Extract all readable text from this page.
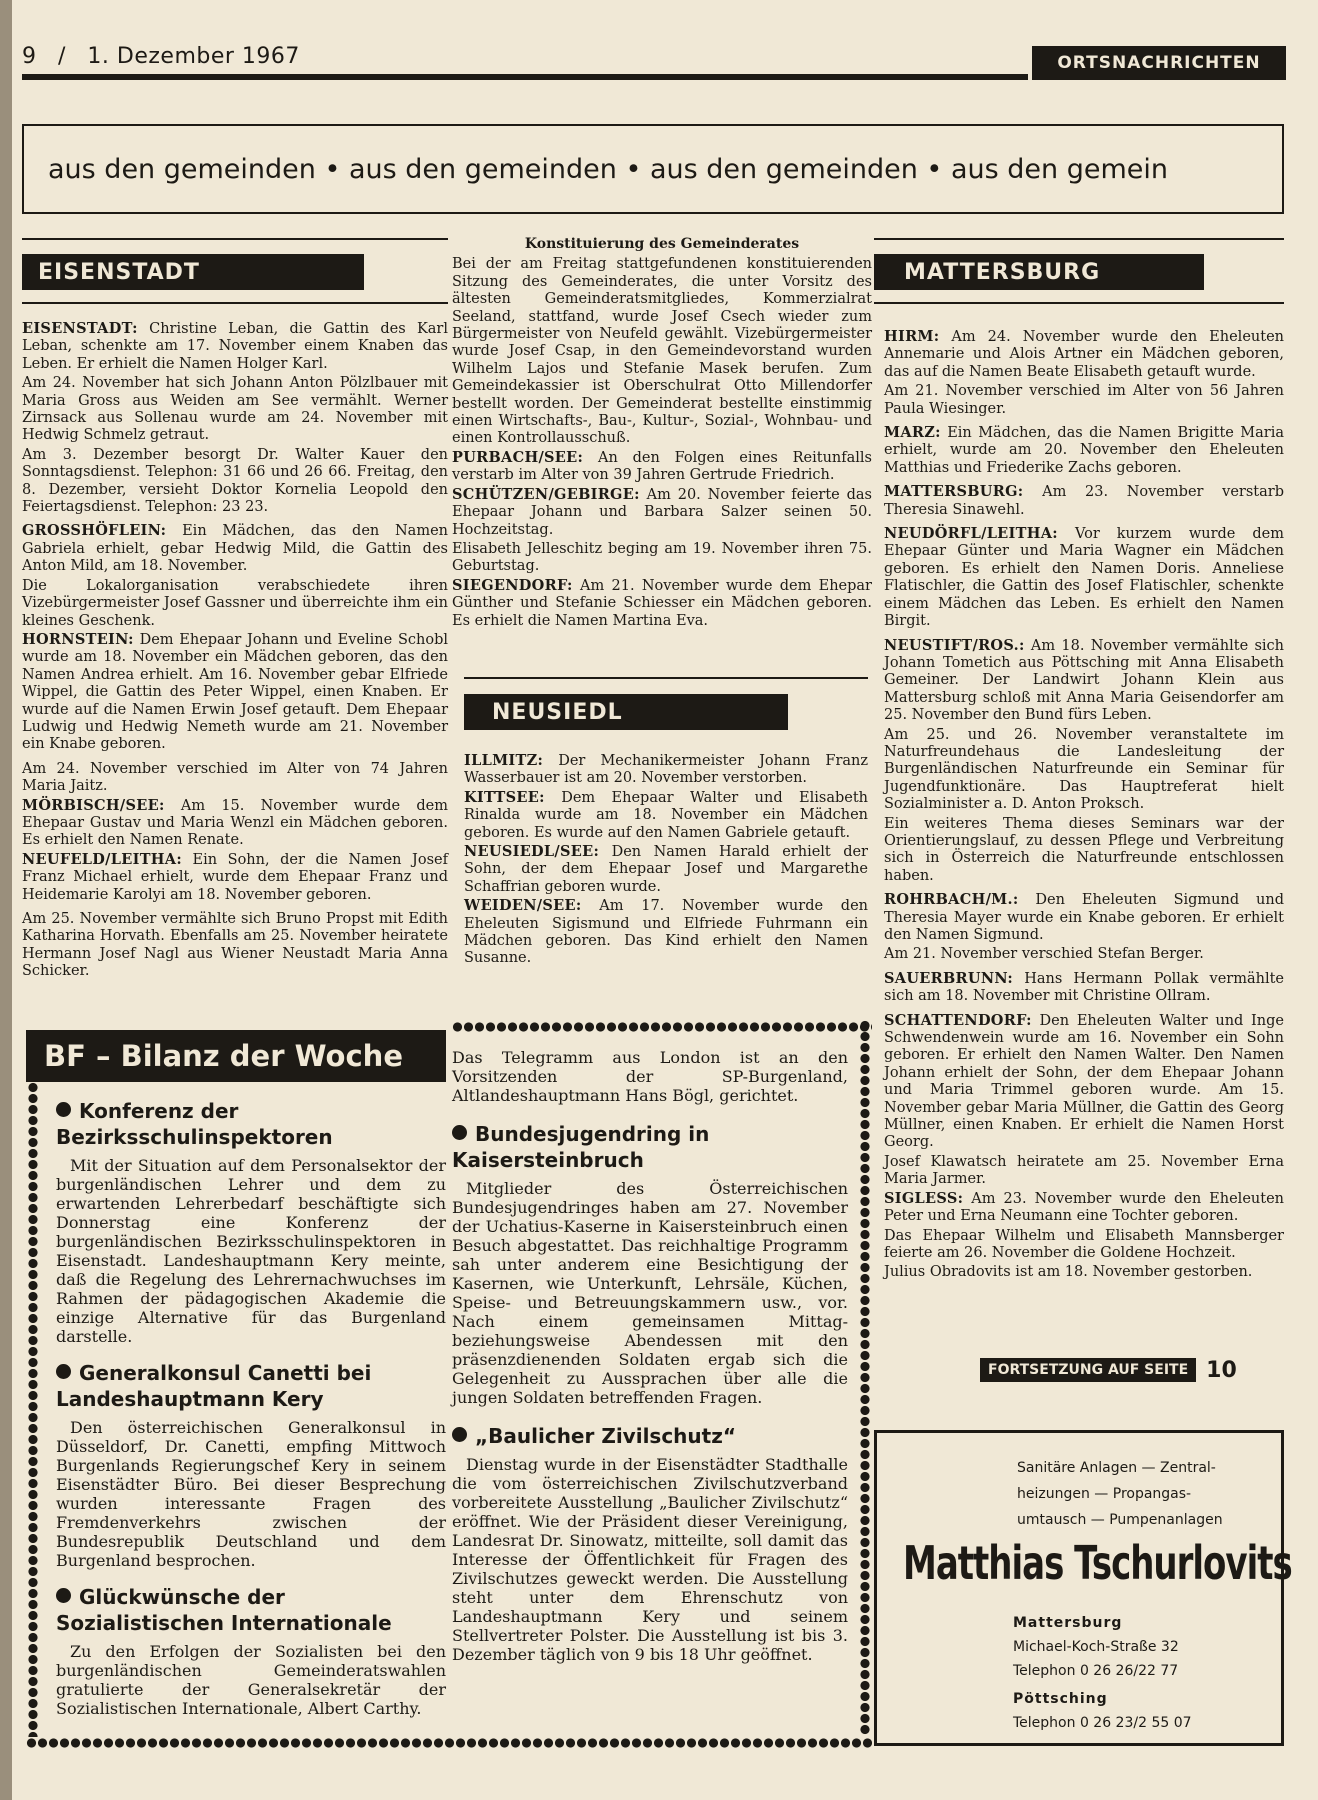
9 / 1. Dezember 1967	ORTSNACHRICHTEN
aus den gemeinden • aus den gemeinden • aus den gemeinden • aus den gemein
EISENSTADT

EISENSTADT: Christine Leban, die Gattin des Karl Leban, schenkte am 17. November einem Knaben das Leben. Er erhielt die Namen Holger Karl.

Am 24. November hat sich Johann Anton Pölzlbauer mit Maria Gross aus Weiden am See vermählt. Werner Zirnsack aus Sollenau wurde am 24. November mit Hedwig Schmelz getraut.

Am 3. Dezember besorgt Dr. Walter Kauer den Sonntagsdienst. Telephon: 31 66 und 26 66. Freitag, den 8. Dezember, versieht Doktor Kornelia Leopold den Feiertagsdienst. Telephon: 23 23.

GROSSHÖFLEIN: Ein Mädchen, das den Namen Gabriela erhielt, gebar Hedwig Mild, die Gattin des Anton Mild, am 18. November.

Die Lokalorganisation verabschiedete ihren Vizebürgermeister Josef Gassner und überreichte ihm ein kleines Geschenk.

HORNSTEIN: Dem Ehepaar Johann und Eveline Schobl wurde am 18. November ein Mädchen geboren, das den Namen Andrea erhielt. Am 16. November gebar Elfriede Wippel, die Gattin des Peter Wippel, einen Knaben. Er wurde auf die Namen Erwin Josef getauft. Dem Ehepaar Ludwig und Hedwig Nemeth wurde am 21. November ein Knabe geboren.

Am 24. November verschied im Alter von 74 Jahren Maria Jaitz.

MÖRBISCH/SEE: Am 15. November wurde dem Ehepaar Gustav und Maria Wenzl ein Mädchen geboren. Es erhielt den Namen Renate.

NEUFELD/LEITHA: Ein Sohn, der die Namen Josef Franz Michael erhielt, wurde dem Ehepaar Franz und Heidemarie Karolyi am 18. November geboren.

Am 25. November vermählte sich Bruno Propst mit Edith Katharina Horvath. Ebenfalls am 25. November heiratete Hermann Josef Nagl aus Wiener Neustadt Maria Anna Schicker.

Konstituierung des Gemeinderates

Bei der am Freitag stattgefundenen konstituierenden Sitzung des Gemeinderates, die unter Vorsitz des ältesten Gemeinderatsmitgliedes, Kommerzialrat Seeland, stattfand, wurde Josef Csech wieder zum Bürgermeister von Neufeld gewählt. Vizebürgermeister wurde Josef Csap, in den Gemeindevorstand wurden Wilhelm Lajos und Stefanie Masek berufen. Zum Gemeindekassier ist Oberschulrat Otto Millendorfer bestellt worden. Der Gemeinderat bestellte einstimmig einen Wirtschafts-, Bau-, Kultur-, Sozial-, Wohnbau- und einen Kontrollausschuß.

PURBACH/SEE: An den Folgen eines Reitunfalls verstarb im Alter von 39 Jahren Gertrude Friedrich.

SCHÜTZEN/GEBIRGE: Am 20. November feierte das Ehepaar Johann und Barbara Salzer seinen 50. Hochzeitstag.

Elisabeth Jelleschitz beging am 19. November ihren 75. Geburtstag.

SIEGENDORF: Am 21. November wurde dem Ehepar Günther und Stefanie Schiesser ein Mädchen geboren. Es erhielt die Namen Martina Eva.

NEUSIEDL

ILLMITZ: Der Mechanikermeister Johann Franz Wasserbauer ist am 20. November verstorben.

KITTSEE: Dem Ehepaar Walter und Elisabeth Rinalda wurde am 18. November ein Mädchen geboren. Es wurde auf den Namen Gabriele getauft.

NEUSIEDL/SEE: Den Namen Harald erhielt der Sohn, der dem Ehepaar Josef und Margarethe Schaffrian geboren wurde.

WEIDEN/SEE: Am 17. November wurde den Eheleuten Sigismund und Elfriede Fuhrmann ein Mädchen geboren. Das Kind erhielt den Namen Susanne.

MATTERSBURG

HIRM: Am 24. November wurde den Eheleuten Annemarie und Alois Artner ein Mädchen geboren, das auf die Namen Beate Elisabeth getauft wurde.

Am 21. November verschied im Alter von 56 Jahren Paula Wiesinger.

MARZ: Ein Mädchen, das die Namen Brigitte Maria erhielt, wurde am 20. November den Eheleuten Matthias und Friederike Zachs geboren.

MATTERSBURG: Am 23. November verstarb Theresia Sinawehl.

NEUDÖRFL/LEITHA: Vor kurzem wurde dem Ehepaar Günter und Maria Wagner ein Mädchen geboren. Es erhielt den Namen Doris. Anneliese Flatischler, die Gattin des Josef Flatischler, schenkte einem Mädchen das Leben. Es erhielt den Namen Birgit.

NEUSTIFT/ROS.: Am 18. November vermählte sich Johann Tometich aus Pöttsching mit Anna Elisabeth Gemeiner. Der Landwirt Johann Klein aus Mattersburg schloß mit Anna Maria Geisendorfer am 25. November den Bund fürs Leben.

Am 25. und 26. November veranstaltete im Naturfreundehaus die Landesleitung der Burgenländischen Naturfreunde ein Seminar für Jugendfunktionäre. Das Hauptreferat hielt Sozialminister a. D. Anton Proksch.

Ein weiteres Thema dieses Seminars war der Orientierungslauf, zu dessen Pflege und Verbreitung sich in Österreich die Naturfreunde entschlossen haben.

ROHRBACH/M.: Den Eheleuten Sigmund und Theresia Mayer wurde ein Knabe geboren. Er erhielt den Namen Sigmund.

Am 21. November verschied Stefan Berger.

SAUERBRUNN: Hans Hermann Pollak vermählte sich am 18. November mit Christine Ollram.

SCHATTENDORF: Den Eheleuten Walter und Inge Schwendenwein wurde am 16. November ein Sohn geboren. Er erhielt den Namen Walter. Den Namen Johann erhielt der Sohn, der dem Ehepaar Johann und Maria Trimmel geboren wurde. Am 15. November gebar Maria Müllner, die Gattin des Georg Müllner, einen Knaben. Er erhielt die Namen Horst Georg.

Josef Klawatsch heiratete am 25. November Erna Maria Jarmer.

SIGLESS: Am 23. November wurde den Eheleuten Peter und Erna Neumann eine Tochter geboren.

Das Ehepaar Wilhelm und Elisabeth Mannsberger feierte am 26. November die Goldene Hochzeit.

Julius Obradovits ist am 18. November gestorben.

FORTSETZUNG AUF SEITE 10
BF – Bilanz der Woche
Konferenz der Bezirksschulinspektoren

Mit der Situation auf dem Personalsektor der burgenländischen Lehrer und dem zu erwartenden Lehrerbedarf beschäftigte sich Donnerstag eine Konferenz der burgenländischen Bezirksschulinspektoren in Eisenstadt. Landeshauptmann Kery meinte, daß die Regelung des Lehrernachwuchses im Rahmen der pädagogischen Akademie die einzige Alternative für das Burgenland darstelle.

Generalkonsul Canetti bei Landeshauptmann Kery

Den österreichischen Generalkonsul in Düsseldorf, Dr. Canetti, empfing Mittwoch Burgenlands Regierungschef Kery in seinem Eisenstädter Büro. Bei dieser Besprechung wurden interessante Fragen des Fremdenverkehrs zwischen der Bundesrepublik Deutschland und dem Burgenland besprochen.

Glückwünsche der Sozialistischen Internationale

Zu den Erfolgen der Sozialisten bei den burgenländischen Gemeinderatswahlen gratulierte der Generalsekretär der Sozialistischen Internationale, Albert Carthy.

Das Telegramm aus London ist an den Vorsitzenden der SP-Burgenland, Altlandeshauptmann Hans Bögl, gerichtet.

Bundesjugendring in Kaisersteinbruch

Mitglieder des Österreichischen Bundesjugendringes haben am 27. November der Uchatius-Kaserne in Kaisersteinbruch einen Besuch abgestattet. Das reichhaltige Programm sah unter anderem eine Besichtigung der Kasernen, wie Unterkunft, Lehrsäle, Küchen, Speise- und Betreuungskammern usw., vor. Nach einem gemeinsamen Mittag- beziehungsweise Abendessen mit den präsenzdienenden Soldaten ergab sich die Gelegenheit zu Aussprachen über alle die jungen Soldaten betreffenden Fragen.

„Baulicher Zivilschutz“

Dienstag wurde in der Eisenstädter Stadthalle die vom österreichischen Zivilschutzverband vorbereitete Ausstellung „Baulicher Zivilschutz“ eröffnet. Wie der Präsident dieser Vereinigung, Landesrat Dr. Sinowatz, mitteilte, soll damit das Interesse der Öffentlichkeit für Fragen des Zivilschutzes geweckt werden. Die Ausstellung steht unter dem Ehrenschutz von Landeshauptmann Kery und seinem Stellvertreter Polster. Die Ausstellung ist bis 3. Dezember täglich von 9 bis 18 Uhr geöffnet.

Sanitäre Anlagen — Zentral-
heizungen — Propangas-
umtausch — Pumpenanlagen
Matthias Tschurlovits
Mattersburg
Michael-Koch-Straße 32
Telephon 0 26 26/22 77
Pöttsching
Telephon 0 26 23/2 55 07
